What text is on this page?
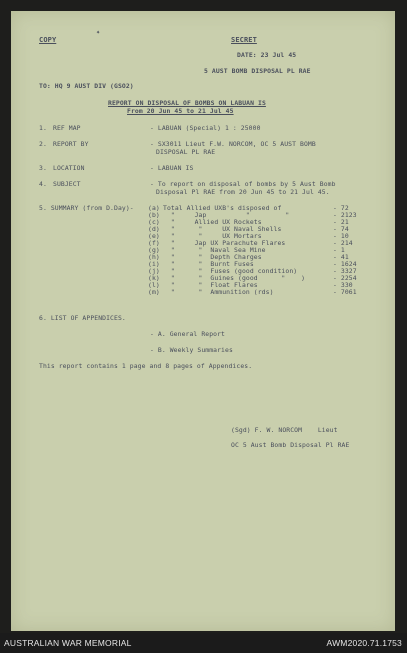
COPY
✦
SECRET
DATE: 23 Jul 45
5 AUST BOMB DISPOSAL PL RAE
TO: HQ 9 AUST DIV (GSO2)
REPORT ON DISPOSAL OF BOMBS ON LABUAN IS
From 20 Jun 45 to 21 Jul 45
1. REF MAP	- LABUAN (Special) 1 : 25000
2. REPORT BY	- SX3011 Lieut F.W. NORCOM, OC 5 AUST BOMB
DISPOSAL PL RAE
3. LOCATION	- LABUAN IS
4. SUBJECT	- To report on disposal of bombs by 5 Aust Bomb
Disposal Pl RAE from 20 Jun 45 to 21 Jul 45.
5. SUMMARY (from D.Day)- (a) Total Allied UXB's disposed of	- 72
(b) "     Jap          "         "	- 2123
(c) "     Allied UX Rockets	- 21
(d) "      "     UX Naval Shells	- 74
(e) "      "     UX Mortars	- 10
(f) "     Jap UX Parachute Flares	- 214
(g) "      "  Naval Sea Mine	- 1
(h) "      "  Depth Charges	- 41
(i) "      "  Burnt Fuses	- 1624
(j) "      "  Fuses (good condition)	- 3327
(k) "      "  Guines (good      "    )	- 2254
(l) "      "  Float Flares	- 330
(m) "      "  Ammunition (rds)	- 7061
6. LIST OF APPENDICES.
- A. General Report
- B. Weekly Summaries
This report contains 1 page and 8 pages of Appendices.
(Sgd) F. W. NORCOM    Lieut
OC 5 Aust Bomb Disposal Pl RAE
AUSTRALIAN WAR MEMORIAL	AWM2020.71.1753
